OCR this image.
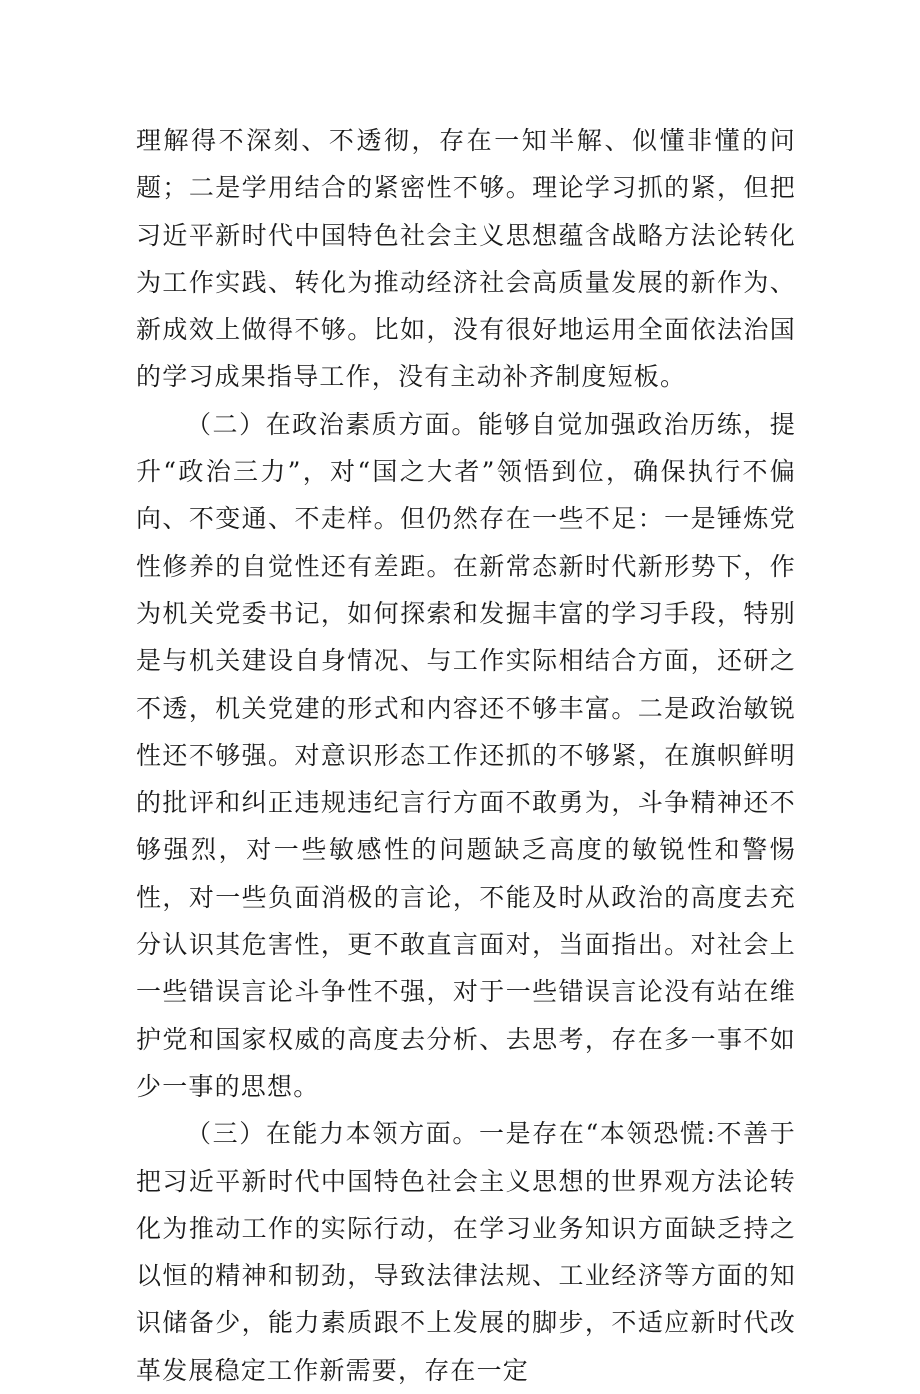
理解得不深刻、不透彻，存在一知半解、似懂非懂的问题；二是学用结合的紧密性不够。理论学习抓的紧，但把习近平新时代中国特色社会主义思想蕴含战略方法论转化为工作实践、转化为推动经济社会高质量发展的新作为、新成效上做得不够。比如，没有很好地运用全面依法治国的学习成果指导工作，没有主动补齐制度短板。

（二）在政治素质方面。能够自觉加强政治历练，提升“政治三力”，对“国之大者”领悟到位，确保执行不偏向、不变通、不走样。但仍然存在一些不足：一是锤炼党性修养的自觉性还有差距。在新常态新时代新形势下，作为机关党委书记，如何探索和发掘丰富的学习手段，特别是与机关建设自身情况、与工作实际相结合方面，还研之不透，机关党建的形式和内容还不够丰富。二是政治敏锐性还不够强。对意识形态工作还抓的不够紧，在旗帜鲜明的批评和纠正违规违纪言行方面不敢勇为，斗争精神还不够强烈，对一些敏感性的问题缺乏高度的敏锐性和警惕性，对一些负面消极的言论，不能及时从政治的高度去充分认识其危害性，更不敢直言面对，当面指出。对社会上一些错误言论斗争性不强，对于一些错误言论没有站在维护党和国家权威的高度去分析、去思考，存在多一事不如少一事的思想。

（三）在能力本领方面。一是存在“本领恐慌:不善于把习近平新时代中国特色社会主义思想的世界观方法论转化为推动工作的实际行动，在学习业务知识方面缺乏持之以恒的精神和韧劲，导致法律法规、工业经济等方面的知识储备少，能力素质跟不上发展的脚步，不适应新时代改革发展稳定工作新需要，存在一定
